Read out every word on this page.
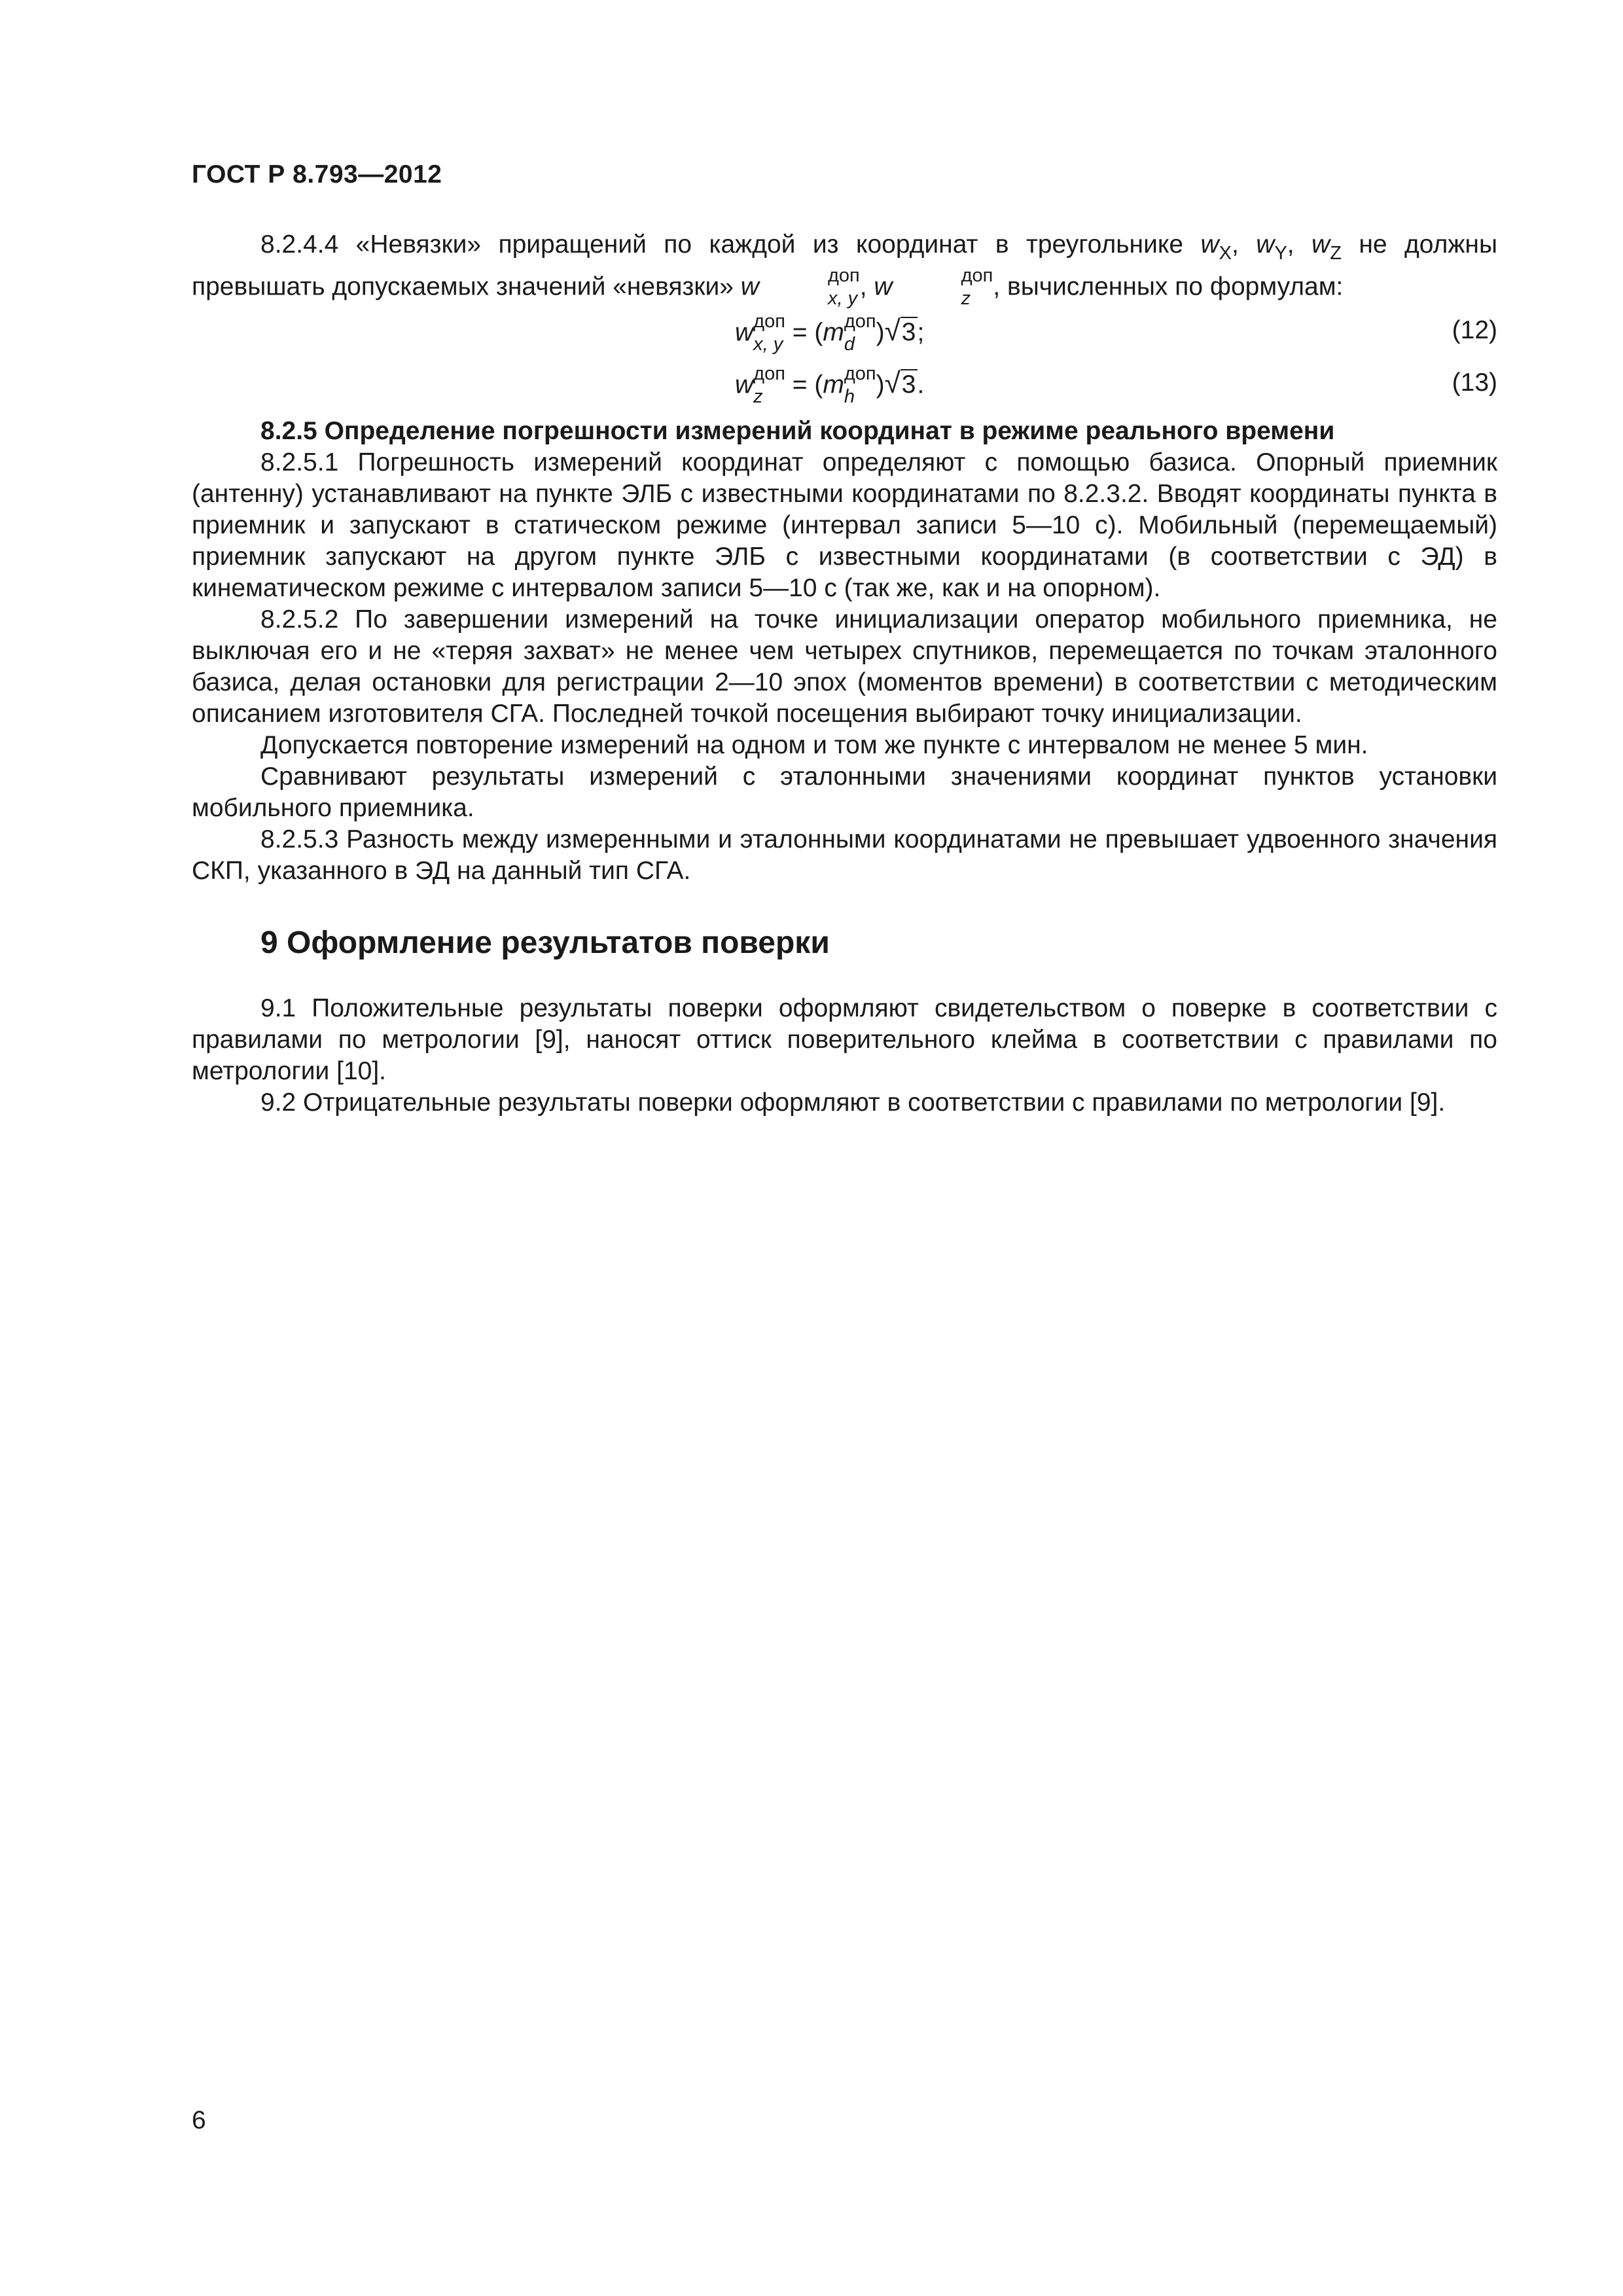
ГОСТ Р 8.793—2012

8.2.4.4 «Невязки» приращений по каждой из координат в треугольнике $w_X$, $w_Y$, $w_Z$ не должны превышать допускаемых значений «невязки» w	доп
x, y , w	доп
z , вычисленных по формулам:

w доп
x, y = (m доп
d )√3;	(12)
w доп
z = (m доп
h )√3.	(13)

8.2.5 Определение погрешности измерений координат в режиме реального времени

8.2.5.1 Погрешность измерений координат определяют с помощью базиса. Опорный приемник (антенну) устанавливают на пункте ЭЛБ с известными координатами по 8.2.3.2. Вводят координаты пункта в приемник и запускают в статическом режиме (интервал записи 5—10 с). Мобильный (перемещаемый) приемник запускают на другом пункте ЭЛБ с известными координатами (в соответствии с ЭД) в кинематическом режиме с интервалом записи 5—10 с (так же, как и на опорном).

8.2.5.2 По завершении измерений на точке инициализации оператор мобильного приемника, не выключая его и не «теряя захват» не менее чем четырех спутников, перемещается по точкам эталонного базиса, делая остановки для регистрации 2—10 эпох (моментов времени) в соответствии с методическим описанием изготовителя СГА. Последней точкой посещения выбирают точку инициализации.

Допускается повторение измерений на одном и том же пункте с интервалом не менее 5 мин.

Сравнивают результаты измерений с эталонными значениями координат пунктов установки мобильного приемника.

8.2.5.3 Разность между измеренными и эталонными координатами не превышает удвоенного значения СКП, указанного в ЭД на данный тип СГА.

9 Оформление результатов поверки

9.1 Положительные результаты поверки оформляют свидетельством о поверке в соответствии с правилами по метрологии [9], наносят оттиск поверительного клейма в соответствии с правилами по метрологии [10].

9.2 Отрицательные результаты поверки оформляют в соответствии с правилами по метрологии [9].

6
